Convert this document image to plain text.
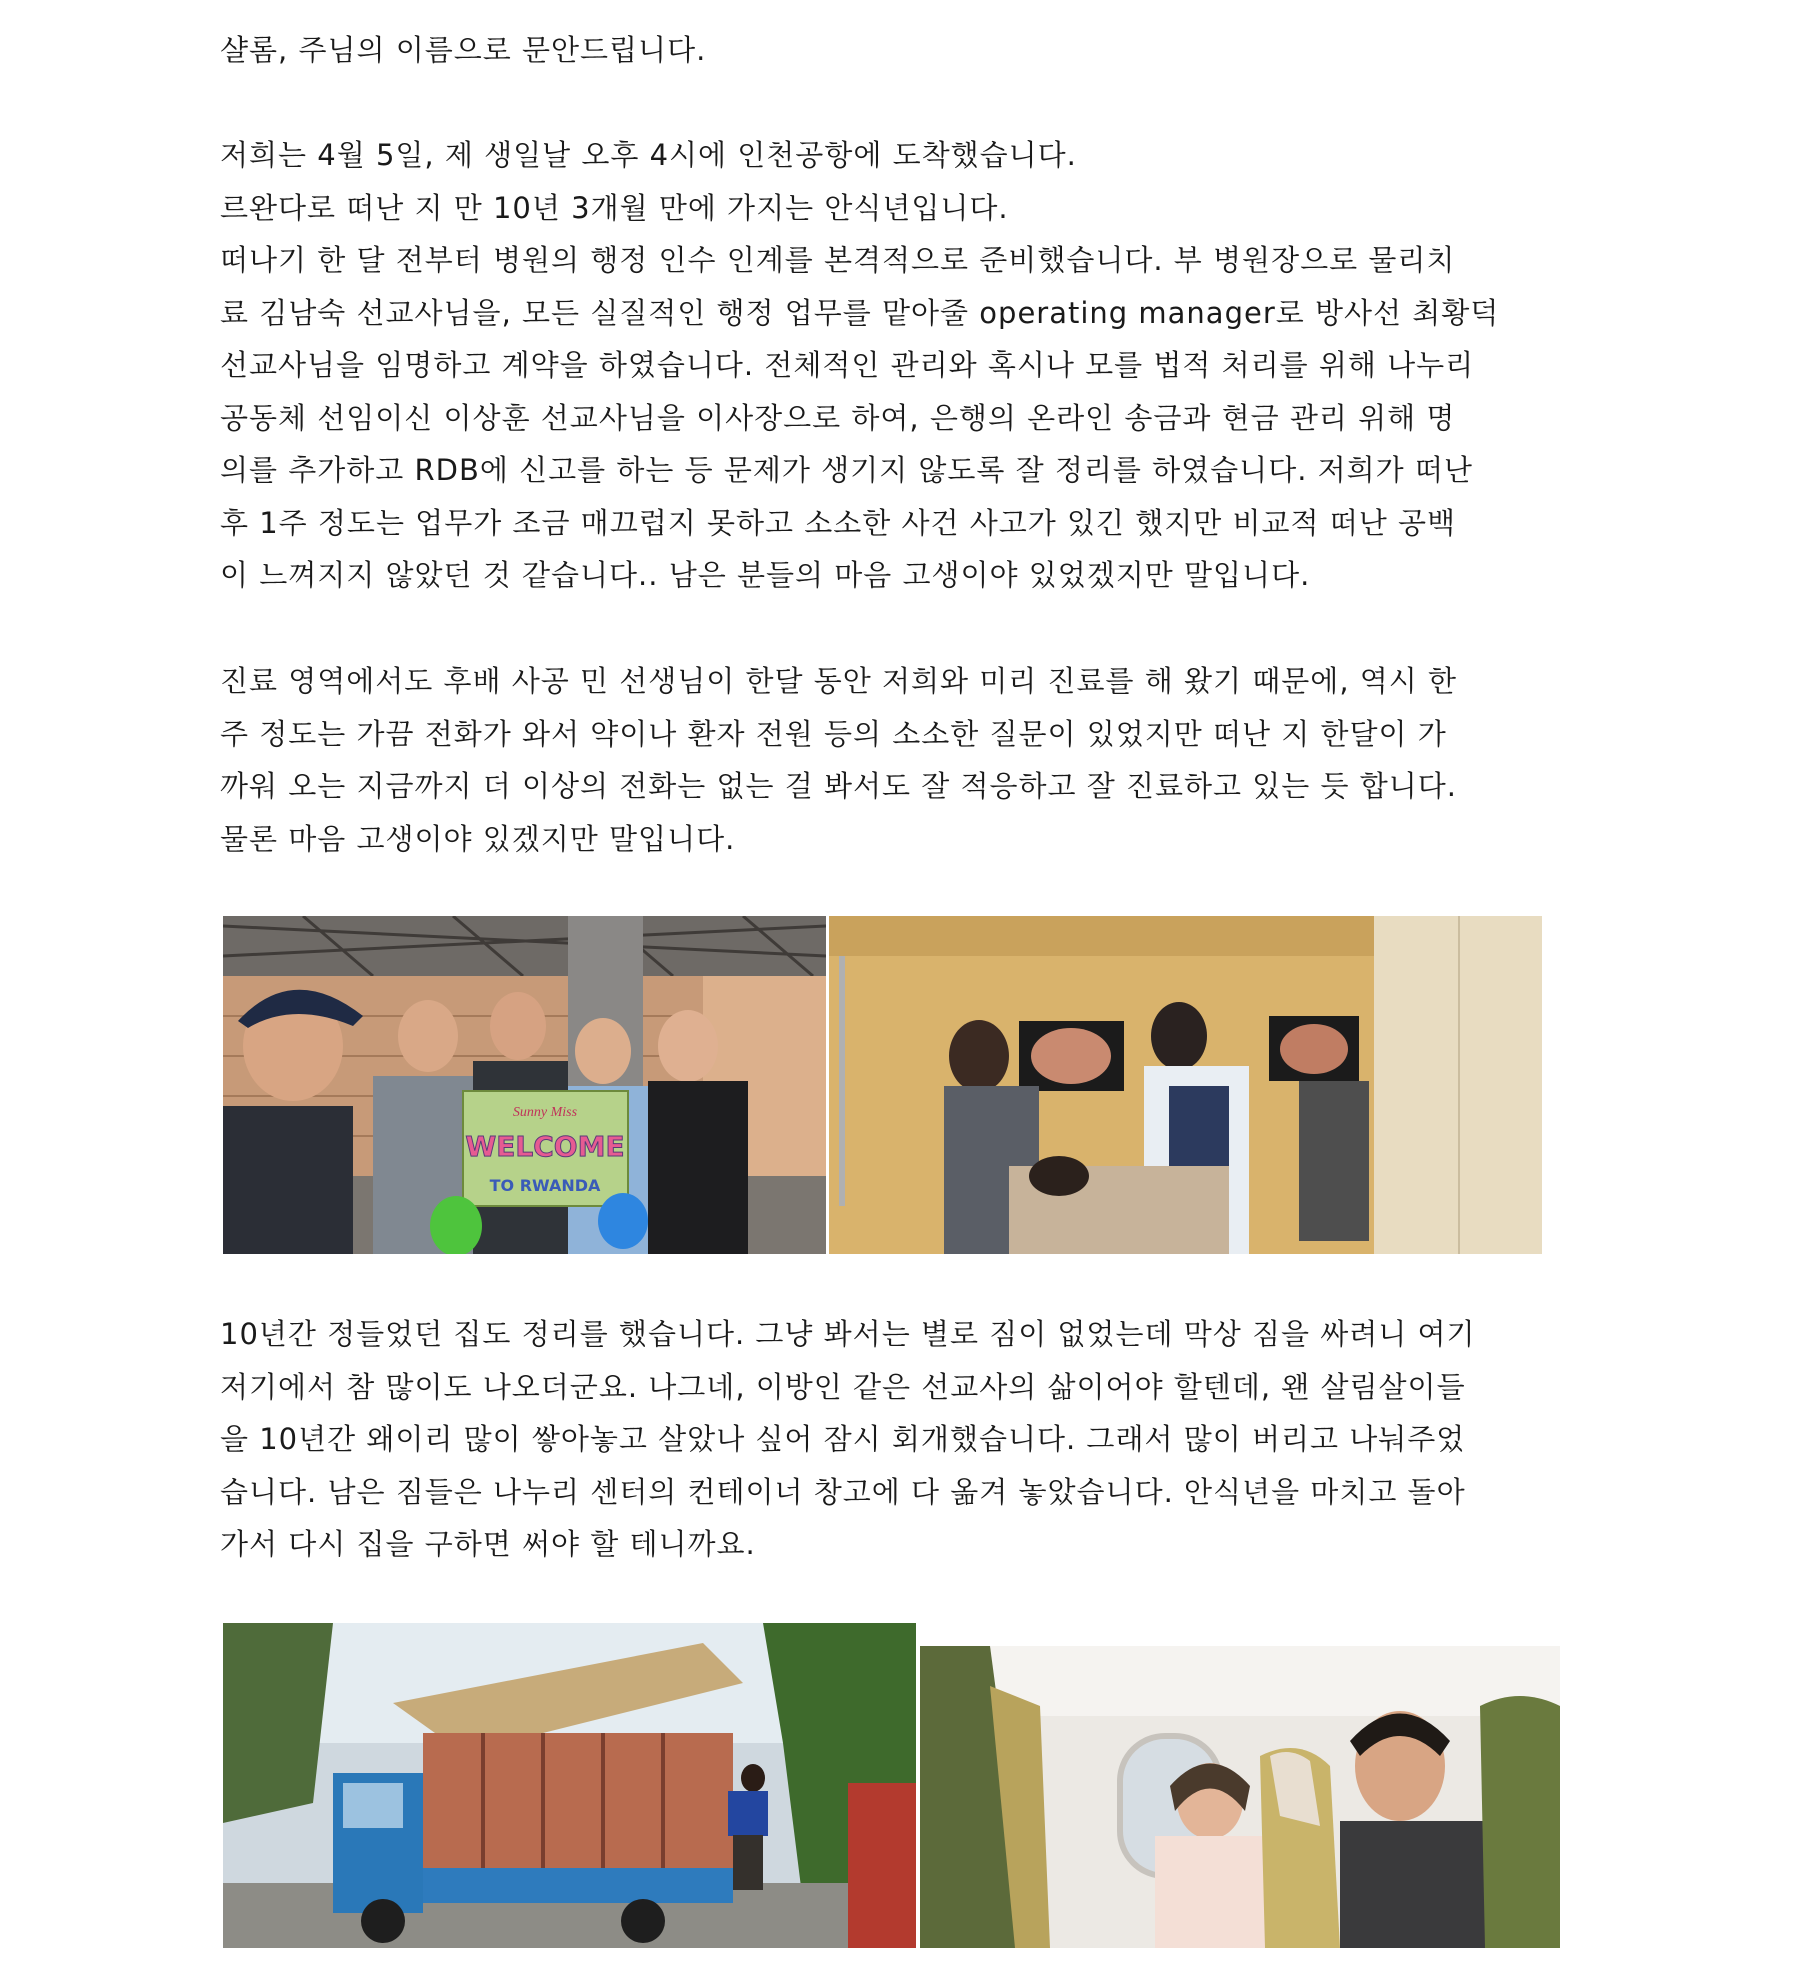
샬롬, 주님의 이름으로 문안드립니다.

저희는 4월 5일, 제 생일날 오후 4시에 인천공항에 도착했습니다.
르완다로 떠난 지 만 10년 3개월 만에 가지는 안식년입니다.
떠나기 한 달 전부터 병원의 행정 인수 인계를 본격적으로 준비했습니다. 부 병원장으로 물리치
료 김남숙 선교사님을, 모든 실질적인 행정 업무를 맡아줄 operating manager로 방사선 최황덕
선교사님을 임명하고 계약을 하였습니다. 전체적인 관리와 혹시나 모를 법적 처리를 위해 나누리
공동체 선임이신 이상훈 선교사님을 이사장으로 하여, 은행의 온라인 송금과 현금 관리 위해 명
의를 추가하고 RDB에 신고를 하는 등 문제가 생기지 않도록 잘 정리를 하였습니다. 저희가 떠난
후 1주 정도는 업무가 조금 매끄럽지 못하고 소소한 사건 사고가 있긴 했지만 비교적 떠난 공백
이 느껴지지 않았던 것 같습니다.. 남은 분들의 마음 고생이야 있었겠지만 말입니다.

진료 영역에서도 후배 사공 민 선생님이 한달 동안 저희와 미리 진료를 해 왔기 때문에, 역시 한
주 정도는 가끔 전화가 와서 약이나 환자 전원 등의 소소한 질문이 있었지만 떠난 지 한달이 가
까워 오는 지금까지 더 이상의 전화는 없는 걸 봐서도 잘 적응하고 잘 진료하고 있는 듯 합니다.
물론 마음 고생이야 있겠지만 말입니다.

Sunny Miss
WELCOME
TO RWANDA

10년간 정들었던 집도 정리를 했습니다. 그냥 봐서는 별로 짐이 없었는데 막상 짐을 싸려니 여기
저기에서 참 많이도 나오더군요. 나그네, 이방인 같은 선교사의 삶이어야 할텐데, 왠 살림살이들
을 10년간 왜이리 많이 쌓아놓고 살았나 싶어 잠시 회개했습니다. 그래서 많이 버리고 나눠주었
습니다. 남은 짐들은 나누리 센터의 컨테이너 창고에 다 옮겨 놓았습니다. 안식년을 마치고 돌아
가서 다시 집을 구하면 써야 할 테니까요.
